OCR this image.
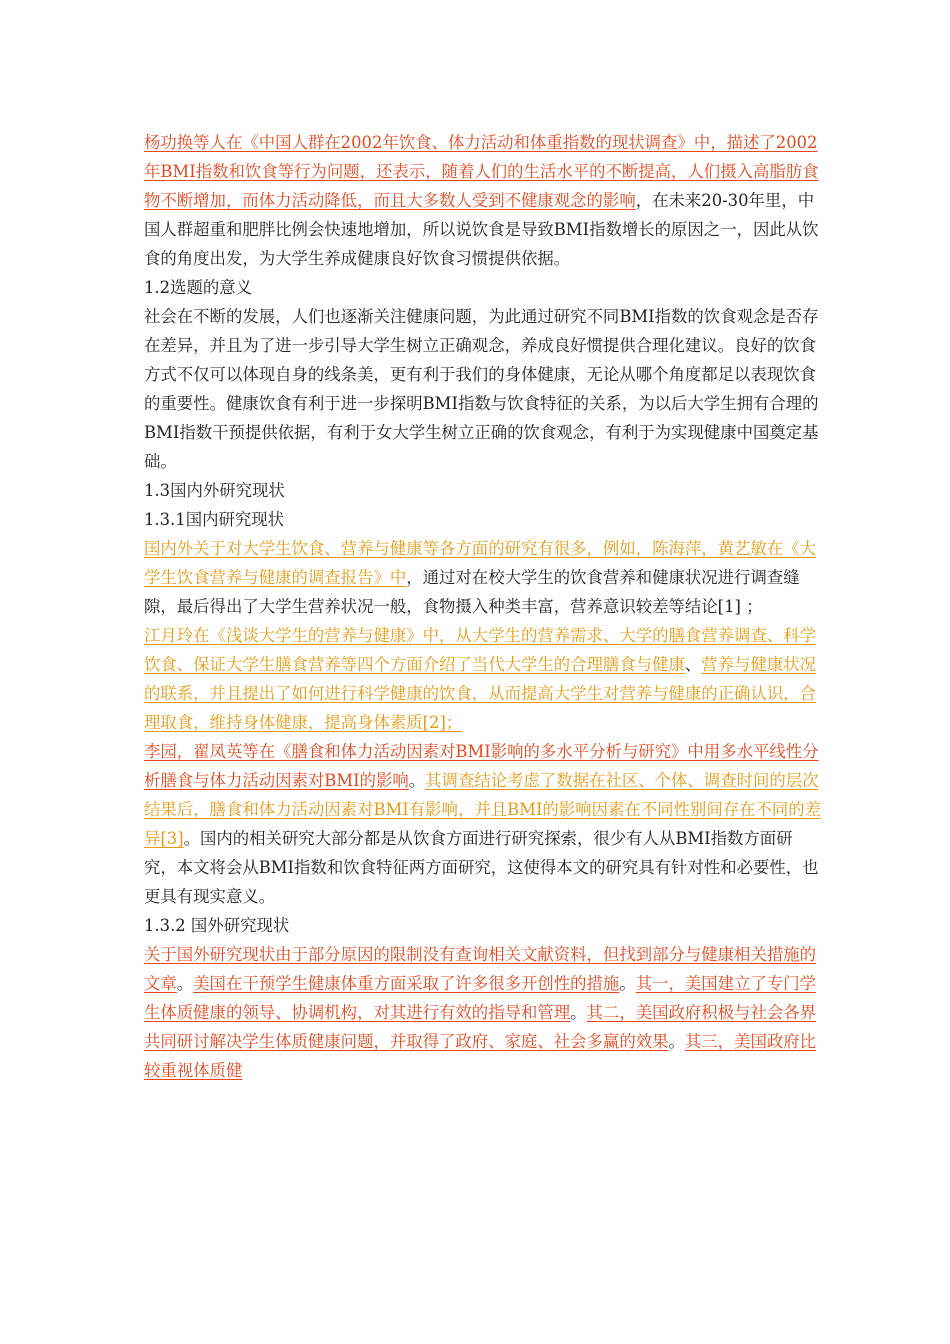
杨功换等人在《中国人群在2002年饮食、体力活动和体重指数的现状调查》中，描述了2002年BMI指数和饮食等行为问题，还表示，随着人们的生活水平的不断提高，人们摄入高脂肪食物不断增加，而体力活动降低，而且大多数人受到不健康观念的影响，在未来20-30年里，中国人群超重和肥胖比例会快速地增加，所以说饮食是导致BMI指数增长的原因之一，因此从饮食的角度出发，为大学生养成健康良好饮食习惯提供依据。

1.2选题的意义

社会在不断的发展，人们也逐渐关注健康问题，为此通过研究不同BMI指数的饮食观念是否存在差异，并且为了进一步引导大学生树立正确观念，养成良好惯提供合理化建议。良好的饮食方式不仅可以体现自身的线条美，更有利于我们的身体健康，无论从哪个角度都足以表现饮食的重要性。健康饮食有利于进一步探明BMI指数与饮食特征的关系，为以后大学生拥有合理的BMI指数干预提供依据，有利于女大学生树立正确的饮食观念，有利于为实现健康中国奠定基础。

1.3国内外研究现状

1.3.1国内研究现状

国内外关于对大学生饮食、营养与健康等各方面的研究有很多，例如，陈海萍，黄艺敏在《大学生饮食营养与健康的调查报告》中，通过对在校大学生的饮食营养和健康状况进行调查缝隙，最后得出了大学生营养状况一般，食物摄入种类丰富，营养意识较差等结论[1] ；

江月玲在《浅谈大学生的营养与健康》中，从大学生的营养需求、大学的膳食营养调查、科学饮食、保证大学生膳食营养等四个方面介绍了当代大学生的合理膳食与健康、营养与健康状况的联系，并且提出了如何进行科学健康的饮食，从而提高大学生对营养与健康的正确认识，合理取食，维持身体健康，提高身体素质[2]；

李园，翟凤英等在《膳食和体力活动因素对BMI影响的多水平分析与研究》中用多水平线性分析膳食与体力活动因素对BMI的影响。其调查结论考虑了数据在社区、个体、调查时间的层次结果后，膳食和体力活动因素对BMI有影响，并且BMI的影响因素在不同性别间存在不同的差异[3]。国内的相关研究大部分都是从饮食方面进行研究探索，很少有人从BMI指数方面研究，本文将会从BMI指数和饮食特征两方面研究，这使得本文的研究具有针对性和必要性，也更具有现实意义。

1.3.2 国外研究现状

关于国外研究现状由于部分原因的限制没有查询相关文献资料，但找到部分与健康相关措施的文章。美国在干预学生健康体重方面采取了许多很多开创性的措施。其一，美国建立了专门学生体质健康的领导、协调机构，对其进行有效的指导和管理。其二，美国政府积极与社会各界共同研讨解决学生体质健康问题，并取得了政府、家庭、社会多赢的效果。其三，美国政府比较重视体质健
